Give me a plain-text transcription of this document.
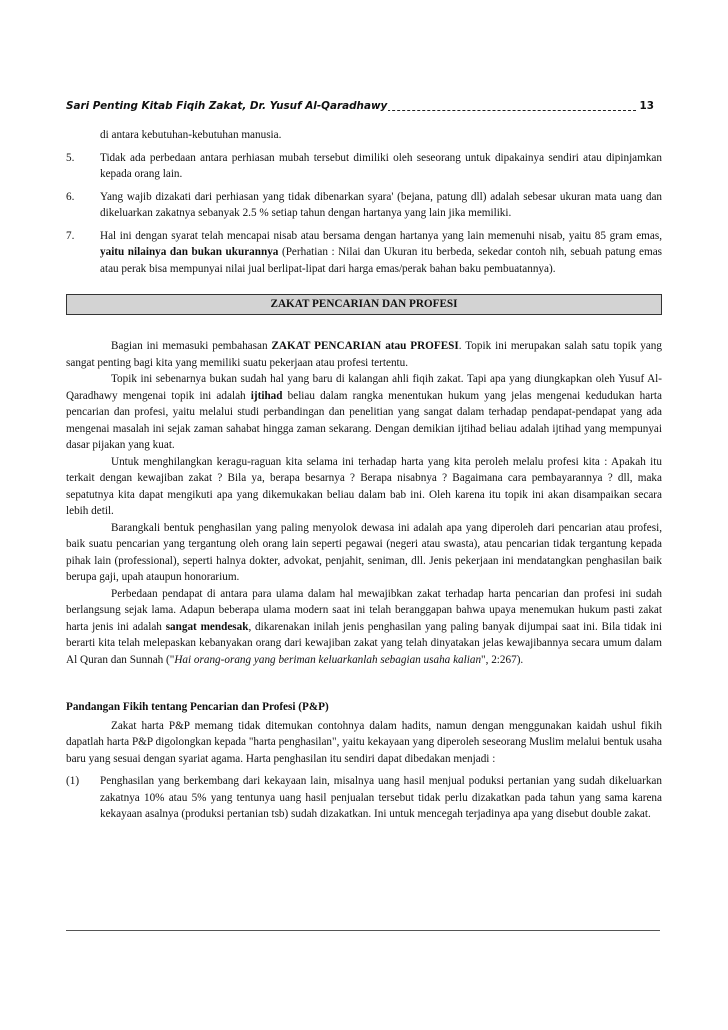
Sari Penting Kitab Fiqih Zakat, Dr. Yusuf Al-Qaradhawy	13
di antara kebutuhan-kebutuhan manusia.
5.	Tidak ada perbedaan antara perhiasan mubah tersebut dimiliki oleh seseorang untuk dipakainya sendiri atau dipinjamkan kepada orang lain.
6.	Yang wajib dizakati dari perhiasan yang tidak dibenarkan syara' (bejana, patung dll) adalah sebesar ukuran mata uang dan dikeluarkan zakatnya sebanyak 2.5 % setiap tahun dengan hartanya yang lain jika memiliki.
7.	Hal ini dengan syarat telah mencapai nisab atau bersama dengan hartanya yang lain memenuhi nisab, yaitu 85 gram emas, yaitu nilainya dan bukan ukurannya (Perhatian : Nilai dan Ukuran itu berbeda, sekedar contoh nih, sebuah patung emas atau perak bisa mempunyai nilai jual berlipat-lipat dari harga emas/perak bahan baku pembuatannya).
ZAKAT PENCARIAN DAN PROFESI

Bagian ini memasuki pembahasan ZAKAT PENCARIAN atau PROFESI. Topik ini merupakan salah satu topik yang sangat penting bagi kita yang memiliki suatu pekerjaan atau profesi tertentu.

Topik ini sebenarnya bukan sudah hal yang baru di kalangan ahli fiqih zakat. Tapi apa yang diungkapkan oleh Yusuf Al-Qaradhawy mengenai topik ini adalah ijtihad beliau dalam rangka menentukan hukum yang jelas mengenai kedudukan harta pencarian dan profesi, yaitu melalui studi perbandingan dan penelitian yang sangat dalam terhadap pendapat-pendapat yang ada mengenai masalah ini sejak zaman sahabat hingga zaman sekarang. Dengan demikian ijtihad beliau adalah ijtihad yang mempunyai dasar pijakan yang kuat.

Untuk menghilangkan keragu-raguan kita selama ini terhadap harta yang kita peroleh melalu profesi kita : Apakah itu terkait dengan kewajiban zakat ? Bila ya, berapa besarnya ? Berapa nisabnya ? Bagaimana cara pembayarannya ? dll, maka sepatutnya kita dapat mengikuti apa yang dikemukakan beliau dalam bab ini. Oleh karena itu topik ini akan disampaikan secara lebih detil.

Barangkali bentuk penghasilan yang paling menyolok dewasa ini adalah apa yang diperoleh dari pencarian atau profesi, baik suatu pencarian yang tergantung oleh orang lain seperti pegawai (negeri atau swasta), atau pencarian tidak tergantung kepada pihak lain (professional), seperti halnya dokter, advokat, penjahit, seniman, dll. Jenis pekerjaan ini mendatangkan penghasilan baik berupa gaji, upah ataupun honorarium.

Perbedaan pendapat di antara para ulama dalam hal mewajibkan zakat terhadap harta pencarian dan profesi ini sudah berlangsung sejak lama. Adapun beberapa ulama modern saat ini telah beranggapan bahwa upaya menemukan hukum pasti zakat harta jenis ini adalah sangat mendesak, dikarenakan inilah jenis penghasilan yang paling banyak dijumpai saat ini. Bila tidak ini berarti kita telah melepaskan kebanyakan orang dari kewajiban zakat yang telah dinyatakan jelas kewajibannya secara umum dalam Al Quran dan Sunnah ("Hai orang-orang yang beriman keluarkanlah sebagian usaha kalian", 2:267).

Pandangan Fikih tentang Pencarian dan Profesi (P&P)

Zakat harta P&P memang tidak ditemukan contohnya dalam hadits, namun dengan menggunakan kaidah ushul fikih dapatlah harta P&P digolongkan kepada "harta penghasilan", yaitu kekayaan yang diperoleh seseorang Muslim melalui bentuk usaha baru yang sesuai dengan syariat agama. Harta penghasilan itu sendiri dapat dibedakan menjadi :

(1)	Penghasilan yang berkembang dari kekayaan lain, misalnya uang hasil menjual poduksi pertanian yang sudah dikeluarkan zakatnya 10% atau 5% yang tentunya uang hasil penjualan tersebut tidak perlu dizakatkan pada tahun yang sama karena kekayaan asalnya (produksi pertanian tsb) sudah dizakatkan. Ini untuk mencegah terjadinya apa yang disebut double zakat.
